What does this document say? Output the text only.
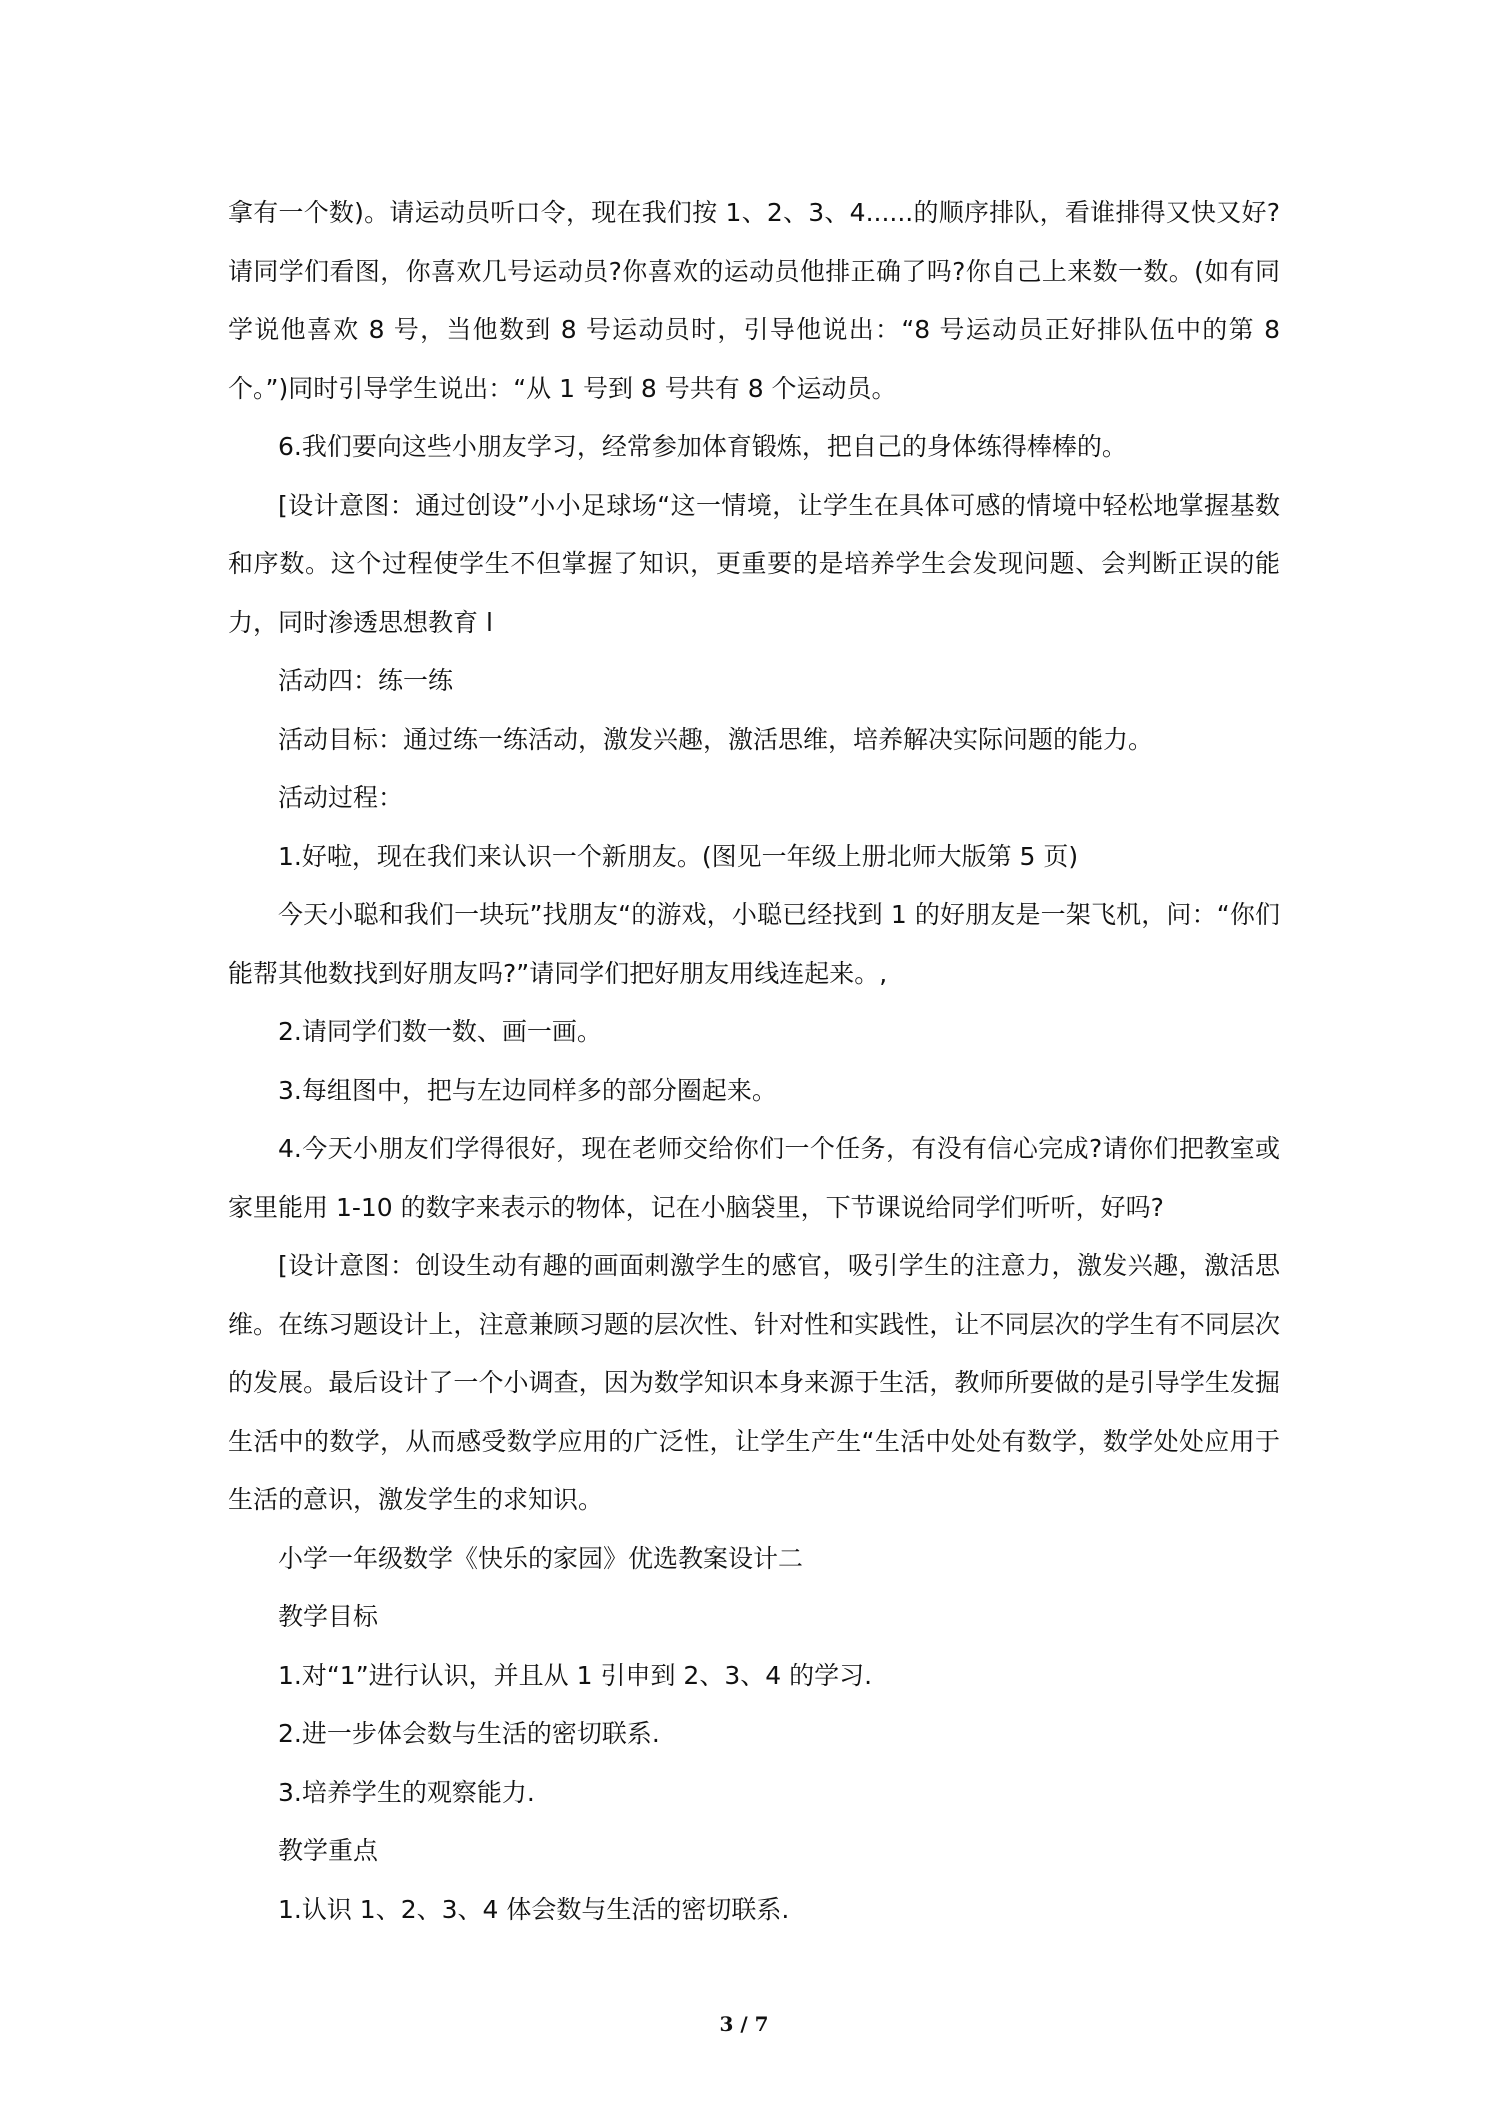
拿有一个数)。请运动员听口令，现在我们按 1、2、3、4......的顺序排队，看谁排得又快又好?请同学们看图，你喜欢几号运动员?你喜欢的运动员他排正确了吗?你自己上来数一数。(如有同学说他喜欢 8 号，当他数到 8 号运动员时，引导他说出：“8 号运动员正好排队伍中的第 8 个。”)同时引导学生说出：“从 1 号到 8 号共有 8 个运动员。

6.我们要向这些小朋友学习，经常参加体育锻炼，把自己的身体练得棒棒的。

[设计意图：通过创设”小小足球场“这一情境，让学生在具体可感的情境中轻松地掌握基数和序数。这个过程使学生不但掌握了知识，更重要的是培养学生会发现问题、会判断正误的能力，同时渗透思想教育 l

活动四：练一练

活动目标：通过练一练活动，激发兴趣，激活思维，培养解决实际问题的能力。

活动过程：

1.好啦，现在我们来认识一个新朋友。(图见一年级上册北师大版第 5 页)

今天小聪和我们一块玩”找朋友“的游戏，小聪已经找到 1 的好朋友是一架飞机，问：“你们能帮其他数找到好朋友吗?”请同学们把好朋友用线连起来。,

2.请同学们数一数、画一画。

3.每组图中，把与左边同样多的部分圈起来。

4.今天小朋友们学得很好，现在老师交给你们一个任务，有没有信心完成?请你们把教室或家里能用 1-10 的数字来表示的物体，记在小脑袋里，下节课说给同学们听听，好吗?

[设计意图：创设生动有趣的画面刺激学生的感官，吸引学生的注意力，激发兴趣，激活思维。在练习题设计上，注意兼顾习题的层次性、针对性和实践性，让不同层次的学生有不同层次的发展。最后设计了一个小调查，因为数学知识本身来源于生活，教师所要做的是引导学生发掘生活中的数学，从而感受数学应用的广泛性，让学生产生“生活中处处有数学，数学处处应用于生活的意识，激发学生的求知识。

小学一年级数学《快乐的家园》优选教案设计二

教学目标

1.对“1”进行认识，并且从 1 引申到 2、3、4 的学习.

2.进一步体会数与生活的密切联系.

3.培养学生的观察能力.

教学重点

1.认识 1、2、3、4 体会数与生活的密切联系.

3 / 7
